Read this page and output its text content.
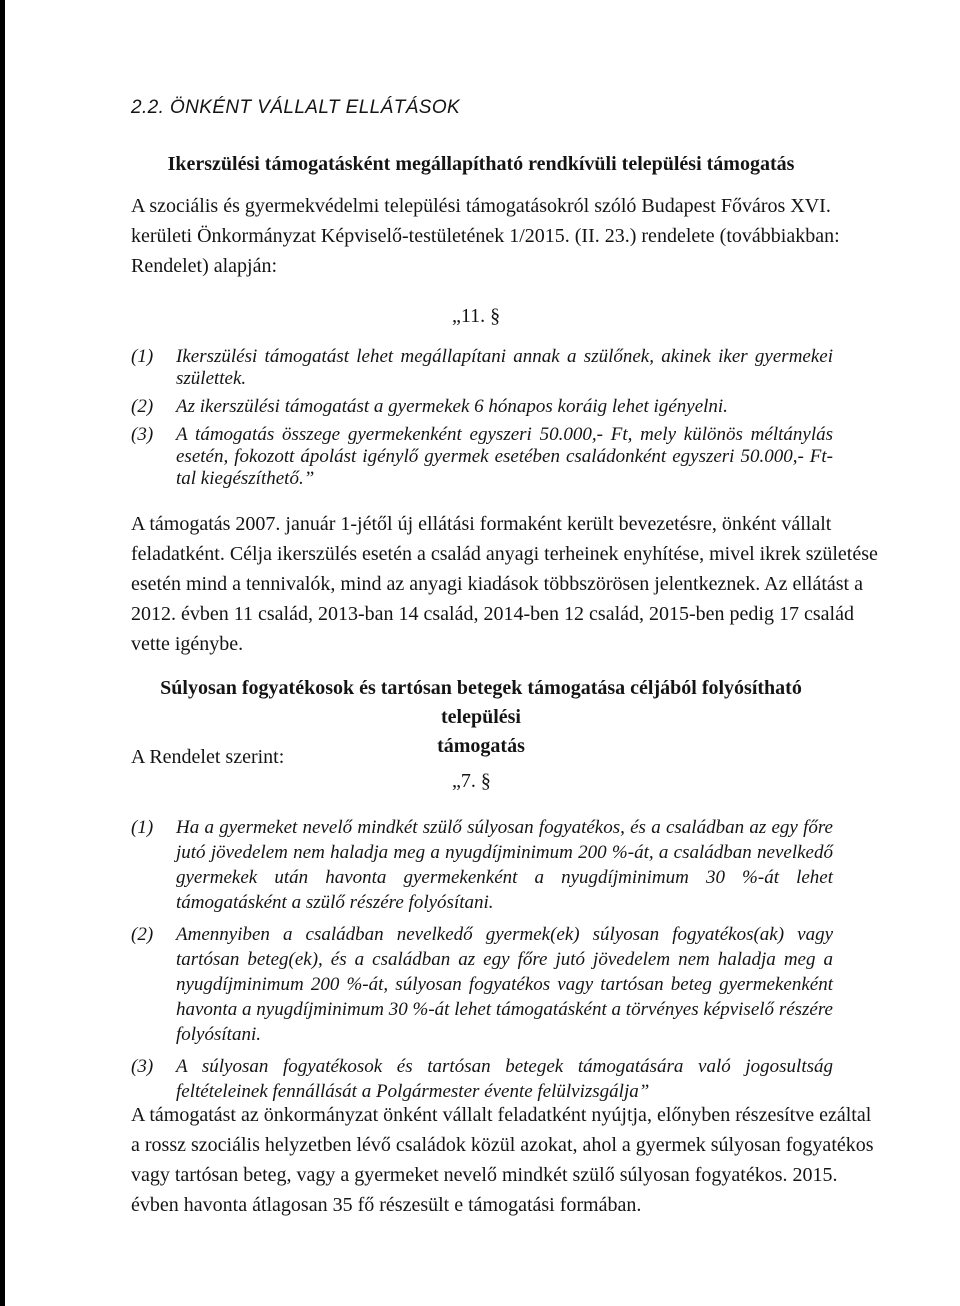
2.2. ÖNKÉNT VÁLLALT ELLÁTÁSOK
Ikerszülési támogatásként megállapítható rendkívüli települési támogatás
A szociális és gyermekvédelmi települési támogatásokról szóló Budapest Főváros XVI.
kerületi Önkormányzat Képviselő-testületének 1/2015. (II. 23.) rendelete (továbbiakban:
Rendelet) alapján:
„11. §
(1)	Ikerszülési támogatást lehet megállapítani annak a szülőnek, akinek iker gyermekei születtek.
(2)	Az ikerszülési támogatást a gyermekek 6 hónapos koráig lehet igényelni.
(3)	A támogatás összege gyermekenként egyszeri 50.000,- Ft, mely különös méltánylás esetén, fokozott ápolást igénylő gyermek esetében családonként egyszeri 50.000,- Ft-tal kiegészíthető.”
A támogatás 2007. január 1-jétől új ellátási formaként került bevezetésre, önként vállalt
feladatként. Célja ikerszülés esetén a család anyagi terheinek enyhítése, mivel ikrek születése
esetén mind a tennivalók, mind az anyagi kiadások többszörösen jelentkeznek. Az ellátást a
2012. évben 11 család, 2013-ban 14 család, 2014-ben 12 család, 2015-ben pedig 17 család
vette igénybe.
Súlyosan fogyatékosok és tartósan betegek támogatása céljából folyósítható települési
támogatás
A Rendelet szerint:
„7. §
(1)	Ha a gyermeket nevelő mindkét szülő súlyosan fogyatékos, és a családban az egy főre jutó jövedelem nem haladja meg a nyugdíjminimum 200 %-át, a családban nevelkedő gyermekek után havonta gyermekenként a nyugdíjminimum 30 %-át lehet támogatásként a szülő részére folyósítani.
(2)	Amennyiben a családban nevelkedő gyermek(ek) súlyosan fogyatékos(ak) vagy tartósan beteg(ek), és a családban az egy főre jutó jövedelem nem haladja meg a nyugdíjminimum 200 %-át, súlyosan fogyatékos vagy tartósan beteg gyermekenként havonta a nyugdíjminimum 30 %-át lehet támogatásként a törvényes képviselő részére folyósítani.
(3)	A súlyosan fogyatékosok és tartósan betegek támogatására való jogosultság feltételeinek fennállását a Polgármester évente felülvizsgálja”
A támogatást az önkormányzat önként vállalt feladatként nyújtja, előnyben részesítve ezáltal
a rossz szociális helyzetben lévő családok közül azokat, ahol a gyermek súlyosan fogyatékos
vagy tartósan beteg, vagy a gyermeket nevelő mindkét szülő súlyosan fogyatékos. 2015.
évben havonta átlagosan 35 fő részesült e támogatási formában.
